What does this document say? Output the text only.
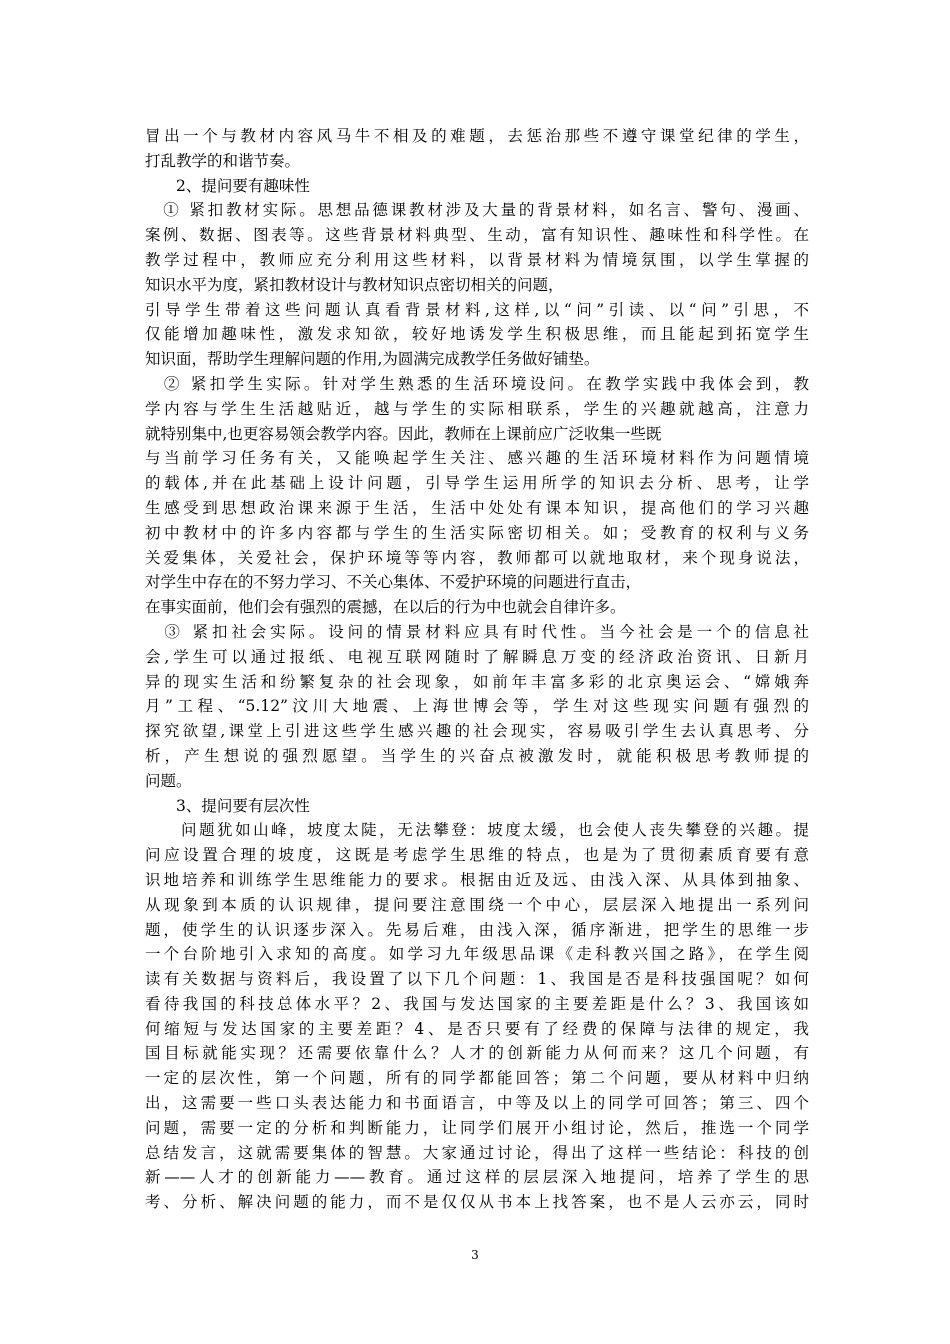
冒出一个与教材内容风马牛不相及的难题，去惩治那些不遵守课堂纪律的学生，
打乱教学的和谐节奏。
　　2、提问要有趣味性
　① 紧扣教材实际。思想品德课教材涉及大量的背景材料，如名言、警句、漫画、
案例、数据、图表等。这些背景材料典型、生动，富有知识性、趣味性和科学性。在
教学过程中，教师应充分利用这些材料，以背景材料为情境氛围，以学生掌握的
知识水平为度，紧扣教材设计与教材知识点密切相关的问题，
引导学生带着这些问题认真看背景材料,这样,以“问”引读、以“问”引思，不
仅能增加趣味性，激发求知欲，较好地诱发学生积极思维，而且能起到拓宽学生
知识面，帮助学生理解问题的作用,为圆满完成教学任务做好铺垫。
　② 紧扣学生实际。针对学生熟悉的生活环境设问。在教学实践中我体会到，教
学内容与学生生活越贴近，越与学生的实际相联系，学生的兴趣就越高，注意力
就特别集中,也更容易领会教学内容。因此，教师在上课前应广泛收集一些既
与当前学习任务有关，又能唤起学生关注、感兴趣的生活环境材料作为问题情境
的载体,并在此基础上设计问题，引导学生运用所学的知识去分析、思考，让学
生感受到思想政治课来源于生活，生活中处处有课本知识，提高他们的学习兴趣
初中教材中的许多内容都与学生的生活实际密切相关。如；受教育的权利与义务
关爱集体，关爱社会，保护环境等等内容，教师都可以就地取材，来个现身说法，
对学生中存在的不努力学习、不关心集体、不爱护环境的问题进行直击，
在事实面前，他们会有强烈的震撼，在以后的行为中也就会自律许多。
　③ 紧扣社会实际。设问的情景材料应具有时代性。当今社会是一个的信息社
会,学生可以通过报纸、电视互联网随时了解瞬息万变的经济政治资讯、日新月
异的现实生活和纷繁复杂的社会现象，如前年丰富多彩的北京奥运会、“嫦娥奔
月”工程、“5.12”汶川大地震、上海世博会等，学生对这些现实问题有强烈的
探究欲望,课堂上引进这些学生感兴趣的社会现实，容易吸引学生去认真思考、分
析，产生想说的强烈愿望。当学生的兴奋点被激发时，就能积极思考教师提的
问题。
　　3、提问要有层次性
　　问题犹如山峰，坡度太陡，无法攀登：坡度太缓，也会使人丧失攀登的兴趣。提
问应设置合理的坡度，这既是考虑学生思维的特点，也是为了贯彻素质育要有意
识地培养和训练学生思维能力的要求。根据由近及远、由浅入深、从具体到抽象、
从现象到本质的认识规律，提问要注意围绕一个中心，层层深入地提出一系列问
题，使学生的认识逐步深入。先易后难，由浅入深，循序渐进，把学生的思维一步
一个台阶地引入求知的高度。如学习九年级思品课《走科教兴国之路》，在学生阅
读有关数据与资料后，我设置了以下几个问题：1、我国是否是科技强国呢？如何
看待我国的科技总体水平？2、我国与发达国家的主要差距是什么？3、我国该如
何缩短与发达国家的主要差距？4、是否只要有了经费的保障与法律的规定，我
国目标就能实现？还需要依靠什么？人才的创新能力从何而来？这几个问题，有
一定的层次性，第一个问题，所有的同学都能回答；第二个问题，要从材料中归纳
出，这需要一些口头表达能力和书面语言，中等及以上的同学可回答；第三、四个
问题，需要一定的分析和判断能力，让同学们展开小组讨论，然后，推选一个同学
总结发言，这就需要集体的智慧。大家通过讨论，得出了这样一些结论：科技的创
新——人才的创新能力——教育。通过这样的层层深入地提问，培养了学生的思
考、分析、解决问题的能力，而不是仅仅从书本上找答案，也不是人云亦云，同时
3
